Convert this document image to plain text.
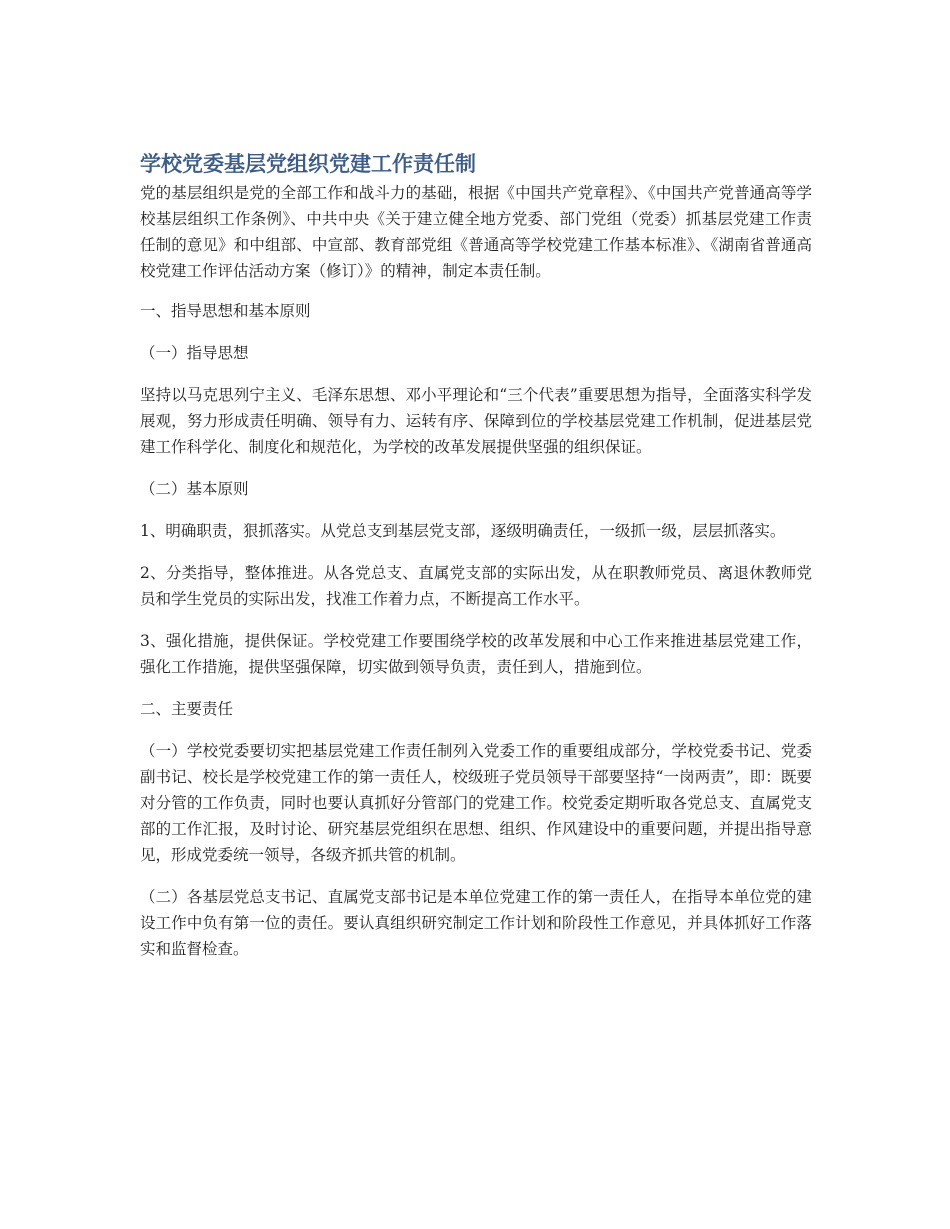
学校党委基层党组织党建工作责任制

党的基层组织是党的全部工作和战斗力的基础，根据《中国共产党章程》、《中国共产党普通高等学校基层组织工作条例》、中共中央《关于建立健全地方党委、部门党组（党委）抓基层党建工作责任制的意见》和中组部、中宣部、教育部党组《普通高等学校党建工作基本标准》、《湖南省普通高校党建工作评估活动方案（修订）》的精神，制定本责任制。

一、指导思想和基本原则

（一）指导思想

坚持以马克思列宁主义、毛泽东思想、邓小平理论和“三个代表”重要思想为指导，全面落实科学发展观，努力形成责任明确、领导有力、运转有序、保障到位的学校基层党建工作机制，促进基层党建工作科学化、制度化和规范化，为学校的改革发展提供坚强的组织保证。

（二）基本原则

1、明确职责，狠抓落实。从党总支到基层党支部，逐级明确责任，一级抓一级，层层抓落实。

2、分类指导，整体推进。从各党总支、直属党支部的实际出发，从在职教师党员、离退休教师党员和学生党员的实际出发，找准工作着力点，不断提高工作水平。

3、强化措施，提供保证。学校党建工作要围绕学校的改革发展和中心工作来推进基层党建工作，强化工作措施，提供坚强保障，切实做到领导负责，责任到人，措施到位。

二、主要责任

（一）学校党委要切实把基层党建工作责任制列入党委工作的重要组成部分，学校党委书记、党委副书记、校长是学校党建工作的第一责任人，校级班子党员领导干部要坚持“一岗两责”，即：既要对分管的工作负责，同时也要认真抓好分管部门的党建工作。校党委定期听取各党总支、直属党支部的工作汇报，及时讨论、研究基层党组织在思想、组织、作风建设中的重要问题，并提出指导意见，形成党委统一领导，各级齐抓共管的机制。

（二）各基层党总支书记、直属党支部书记是本单位党建工作的第一责任人，在指导本单位党的建设工作中负有第一位的责任。要认真组织研究制定工作计划和阶段性工作意见，并具体抓好工作落实和监督检查。
